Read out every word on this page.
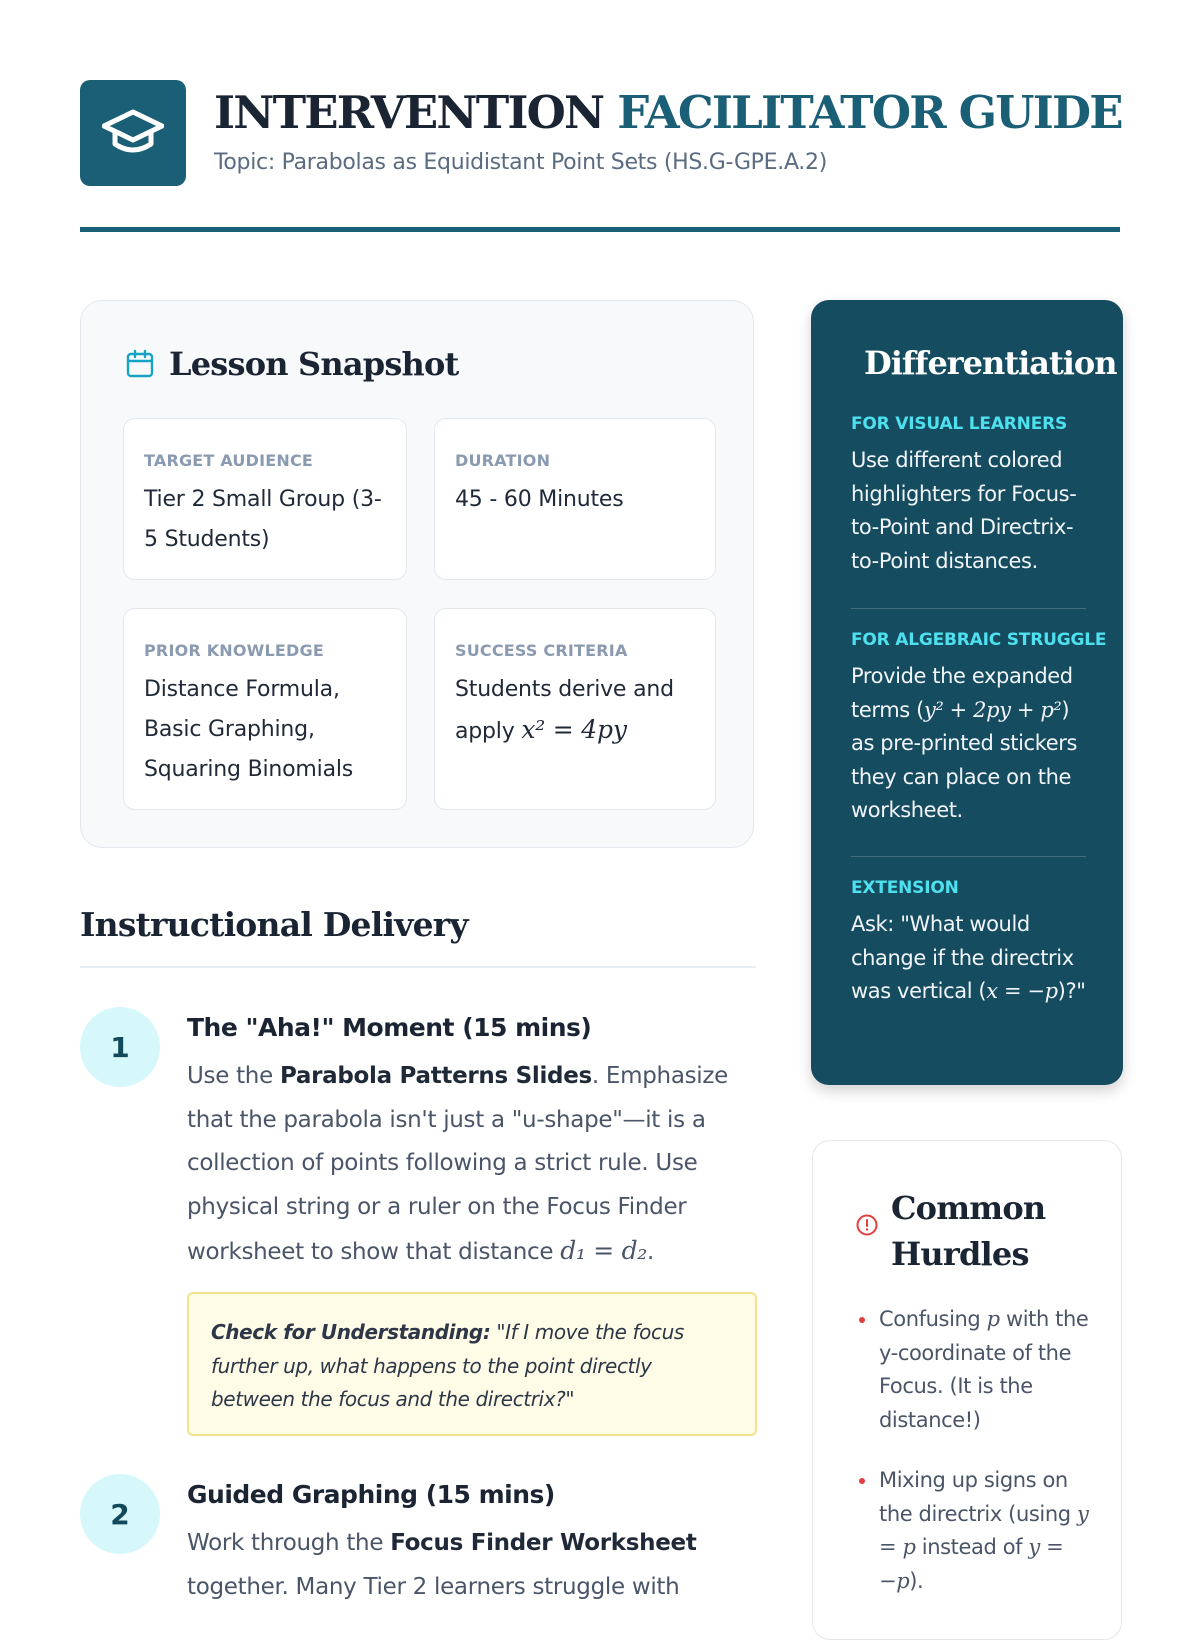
INTERVENTION FACILITATOR GUIDE
Topic: Parabolas as Equidistant Point Sets (HS.G-GPE.A.2)
Lesson Snapshot
TARGET AUDIENCE
Tier 2 Small Group (3-5 Students)
DURATION
45 - 60 Minutes
PRIOR KNOWLEDGE
Distance Formula, Basic Graphing, Squaring Binomials
SUCCESS CRITERIA
Students derive and apply x² = 4py
Instructional Delivery
1
The "Aha!" Moment (15 mins)
Use the Parabola Patterns Slides. Emphasize that the parabola isn't just a "u-shape"—it is a collection of points following a strict rule. Use physical string or a ruler on the Focus Finder worksheet to show that distance d₁ = d₂.
Check for Understanding: "If I move the focus further up, what happens to the point directly between the focus and the directrix?"
2
Guided Graphing (15 mins)
Work through the Focus Finder Worksheet together. Many Tier 2 learners struggle with
Differentiation
FOR VISUAL LEARNERS
Use different colored highlighters for Focus-to-Point and Directrix-to-Point distances.
FOR ALGEBRAIC STRUGGLE
Provide the expanded terms (y² + 2py + p²) as pre-printed stickers they can place on the worksheet.
EXTENSION
Ask: "What would change if the directrix was vertical (x = −p)?"
Common Hurdles
Confusing p with the y-coordinate of the Focus. (It is the distance!)
Mixing up signs on the directrix (using y = p instead of y = −p).
